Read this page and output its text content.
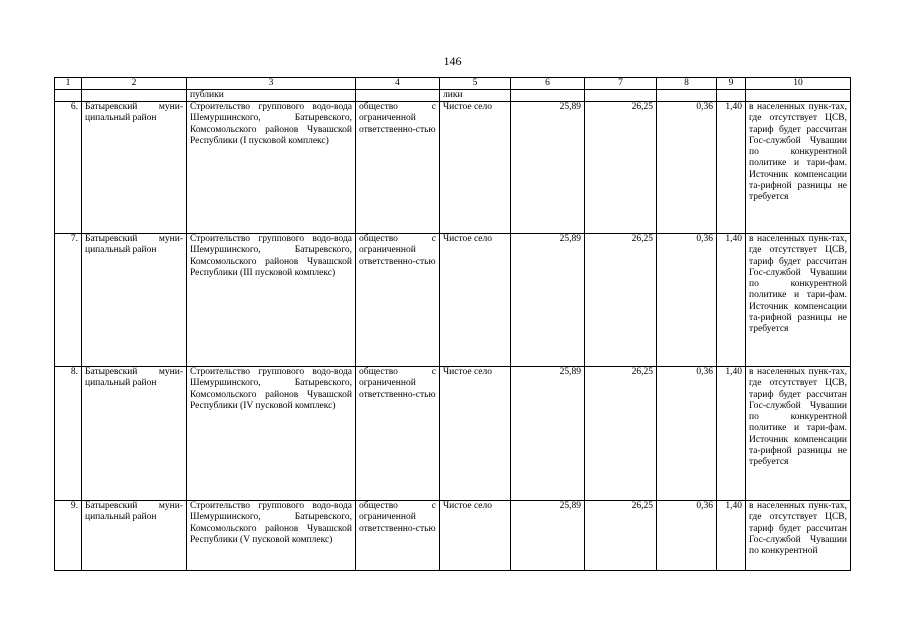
146
1	2	3	4	5	6	7	8	9	10
		публики		лики					
6.	Батыревский муни-ципальный район	Строительство группового водо-вода Шемуршинского, Батыревского, Комсомольского районов Чувашской Республики (I пусковой комплекс)	общество с ограниченной ответственно-стью	Чистое село	25,89	26,25	0,36	1,40	в населенных пунк-тах, где отсутствует ЦСВ, тариф будет рассчитан Гос-службой Чувашии по конкурентной политике и тари-фам. Источник компенсации та-рифной разницы не требуется
7.	Батыревский муни-ципальный район	Строительство группового водо-вода Шемуршинского, Батыревского, Комсомольского районов Чувашской Республики (III пусковой комплекс)	общество с ограниченной ответственно-стью	Чистое село	25,89	26,25	0,36	1,40	в населенных пунк-тах, где отсутствует ЦСВ, тариф будет рассчитан Гос-службой Чувашии по конкурентной политике и тари-фам. Источник компенсации та-рифной разницы не требуется
8.	Батыревский муни-ципальный район	Строительство группового водо-вода Шемуршинского, Батыревского, Комсомольского районов Чувашской Республики (IV пусковой комплекс)	общество с ограниченной ответственно-стью	Чистое село	25,89	26,25	0,36	1,40	в населенных пунк-тах, где отсутствует ЦСВ, тариф будет рассчитан Гос-службой Чувашии по конкурентной политике и тари-фам. Источник компенсации та-рифной разницы не требуется
9.	Батыревский муни-ципальный район	Строительство группового водо-вода Шемуршинского, Батыревского, Комсомольского районов Чувашской Республики (V пусковой комплекс)	общество с ограниченной ответственно-стью	Чистое село	25,89	26,25	0,36	1,40	в населенных пунк-тах, где отсутствует ЦСВ, тариф будет рассчитан Гос-службой Чувашии по конкурентной
